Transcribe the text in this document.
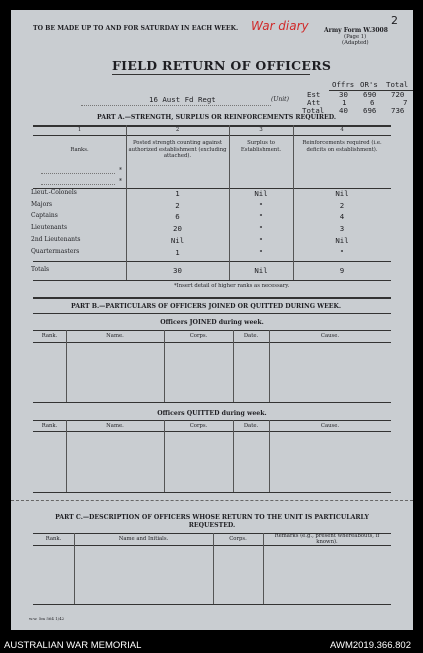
TO BE MADE UP TO AND FOR SATURDAY IN EACH WEEK. War diary	2
Army Form W.3008
(Page 1)
(Adapted)
FIELD RETURN OF OFFICERS
Offrs OR's Total
Est	30 690 720
Att	1	6	7
Total 40 696 736
16 Aust Fd Regt	(Unit)
PART A.—STRENGTH, SURPLUS OR REINFORCEMENTS REQUIRED.
1	2	3	4
Ranks.
Posted strength counting against authorized establishment (excluding attached).
Surplus to Establishment.
Reinforcements required (i.e. deficits on establishment).
*
*
Lieut.-Colonels	1	Nil	Nil
Majors	2	"	2
Captains	6	"	4
Lieutenants	20	"	3
2nd Lieutenants	Nil	"	Nil
Quartermasters	1	"	"
Totals	30	Nil	9
*Insert detail of higher ranks as necessary.
PART B.—PARTICULARS OF OFFICERS JOINED OR QUITTED DURING WEEK.
Officers JOINED during week.
Rank.	Name.	Corps.	Date.	Cause.
Officers QUITTED during week.
Rank.	Name.	Corps.	Date.	Cause.
PART C.—DESCRIPTION OF OFFICERS WHOSE RETURN TO THE UNIT IS PARTICULARLY
REQUESTED.
Rank.	Name and Initials.	Corps.	Remarks (e.g., present whereabouts, if known).
w.w. 5m 564 1/42
AUSTRALIAN WAR MEMORIAL	AWM2019.366.802
